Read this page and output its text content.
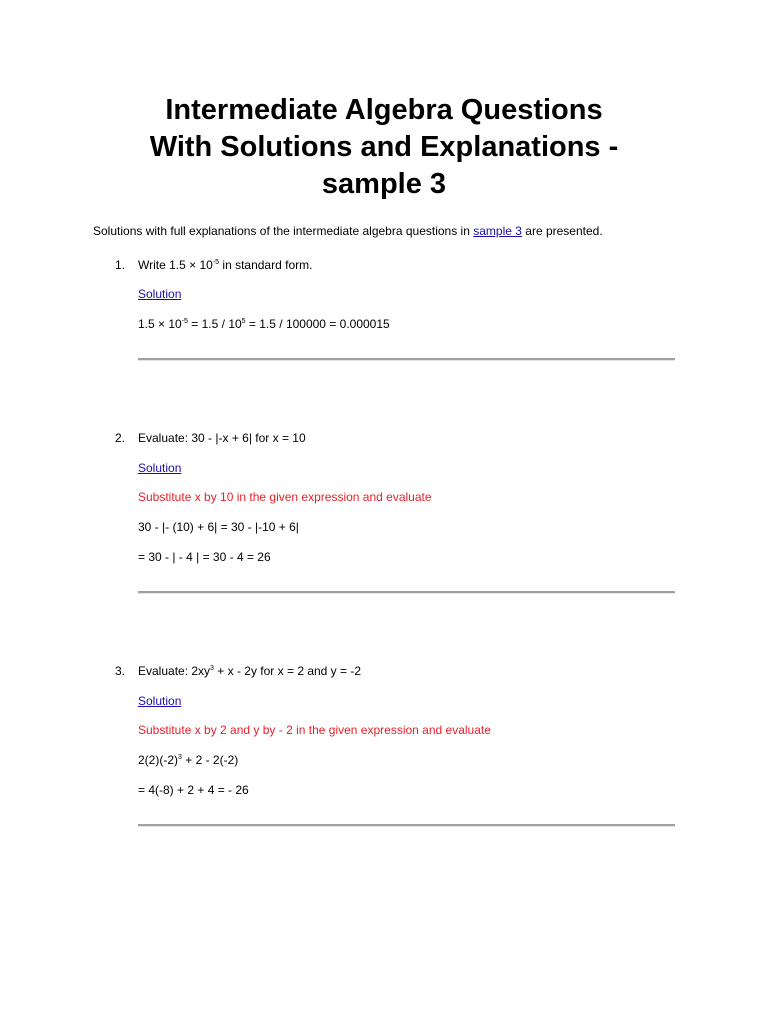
Intermediate Algebra Questions
With Solutions and Explanations -
sample 3
Solutions with full explanations of the intermediate algebra questions in sample 3 are presented.
1. Write $1.5 \times 10^{-5}$ in standard form.
Solution
$1.5 \times 10^{-5} = 1.5 / 10^5 = 1.5 / 100000 = 0.000015$
2. Evaluate: 30 - |-x + 6| for x = 10
Solution
Substitute x by 10 in the given expression and evaluate
30 - |- (10) + 6| = 30 - |-10 + 6|
= 30 - | - 4 | = 30 - 4 = 26
3. Evaluate: $2xy^3 + x - 2y$ for x = 2 and y = -2
Solution
Substitute x by 2 and y by - 2 in the given expression and evaluate
$2(2)(-2)^3 + 2 - 2(-2)$
= 4(-8) + 2 + 4 = - 26
